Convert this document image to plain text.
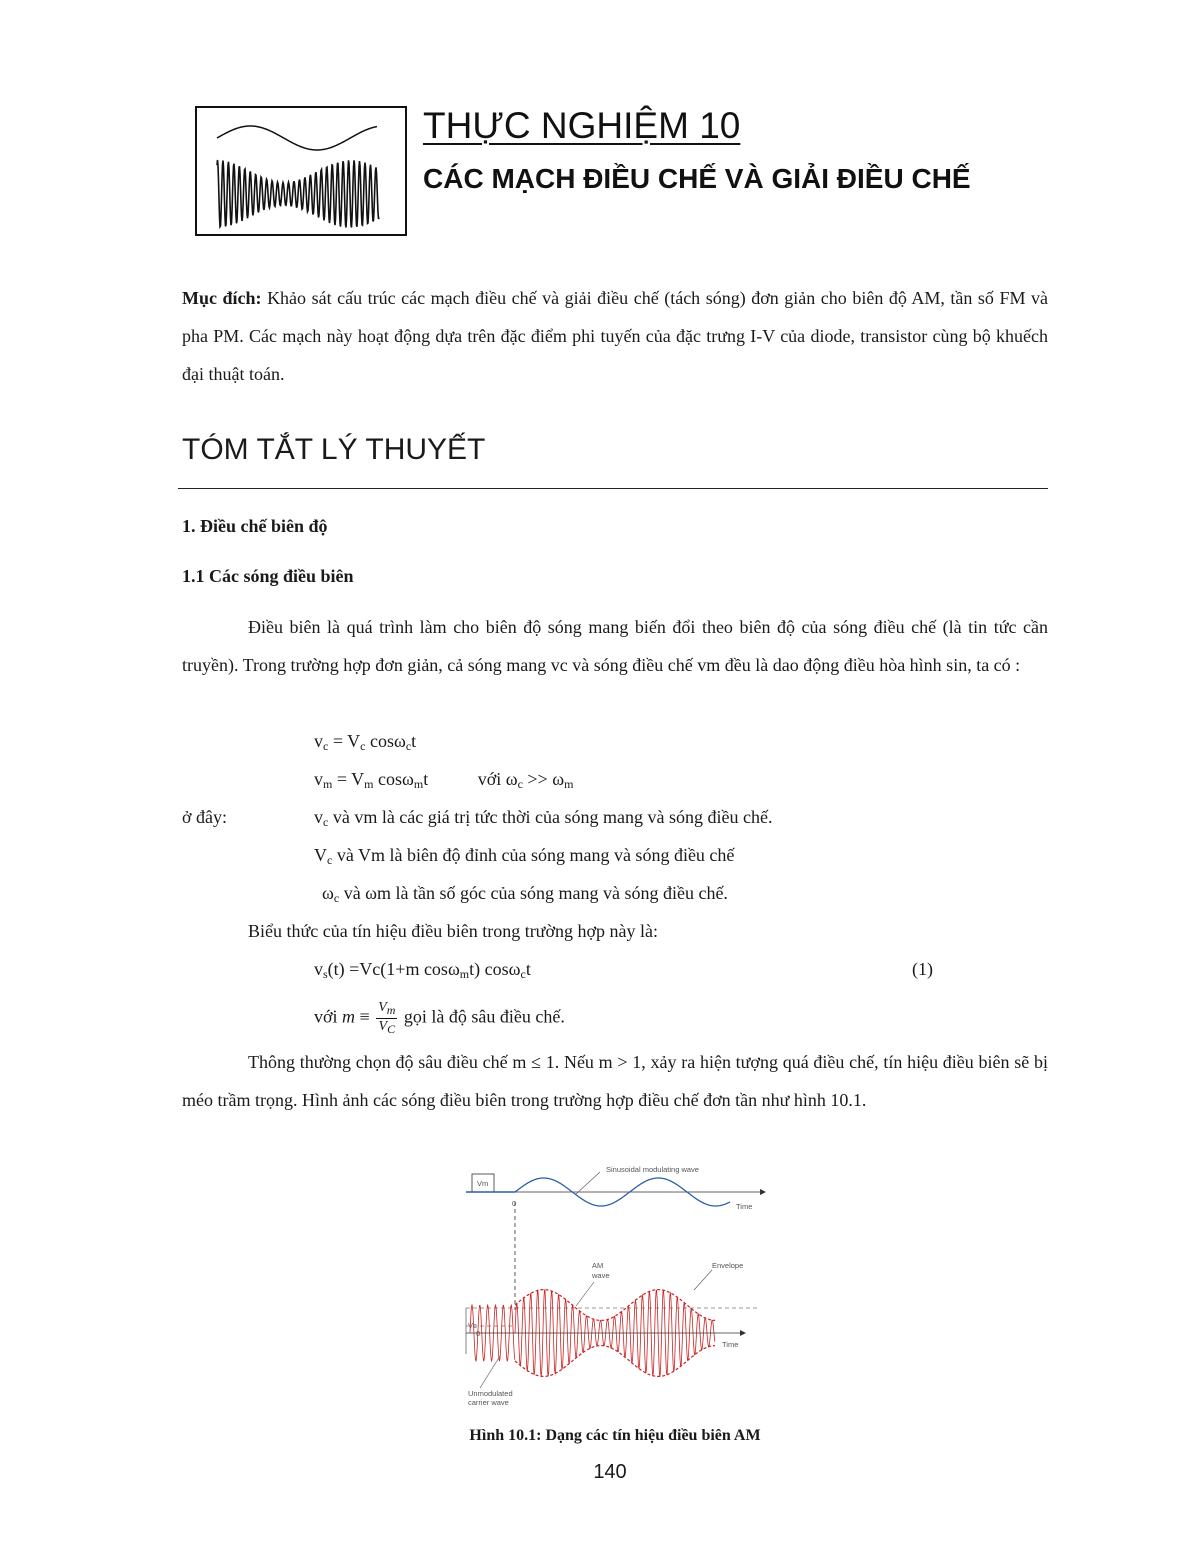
THỰC NGHIỆM 10
CÁC MẠCH ĐIỀU CHẾ VÀ GIẢI ĐIỀU CHẾ

Mục đích: Khảo sát cấu trúc các mạch điều chế và giải điều chế (tách sóng) đơn giản cho biên độ AM, tần số FM và pha PM. Các mạch này hoạt động dựa trên đặc điểm phi tuyến của đặc trưng I-V của diode, transistor cùng bộ khuếch đại thuật toán.

TÓM TẮT LÝ THUYẾT

1. Điều chế biên độ

1.1 Các sóng điều biên

Điều biên là quá trình làm cho biên độ sóng mang biến đổi theo biên độ của sóng điều chế (là tin tức cần truyền). Trong trường hợp đơn giản, cả sóng mang vc và sóng điều chế vm đều là dao động điều hòa hình sin, ta có :

$v_c = V_c$ cosω$_c$t

$v_m = V_m$ cosω$_m$t           với $\omega_c >> \omega_m$

ở đây:	$v_c$ và vm là các giá trị tức thời của sóng mang và sóng điều chế.

$V_c$ và Vm là biên độ đỉnh của sóng mang và sóng điều chế

$\omega_c$ và ωm là tần số góc của sóng mang và sóng điều chế.

Biểu thức của tín hiệu điều biên trong trường hợp này là:

$v_s(t) =Vc(1+m$ cosω$_m$t) cosω$_c$t	(1)

với $m \equiv \frac{V_m}{V_C}$ gọi là độ sâu điều chế.

Thông thường chọn độ sâu điều chế m ≤ 1. Nếu m > 1, xảy ra hiện tượng quá điều chế, tín hiệu điều biên sẽ bị méo trầm trọng. Hình ảnh các sóng điều biên trong trường hợp điều chế đơn tần như hình 10.1.

Vm
0	Time
Sinusoidal modulating wave
Vc
0
Time
AM
wave
Envelope
Unmodulated
carrier wave

Hình 10.1: Dạng các tín hiệu điều biên AM

140
